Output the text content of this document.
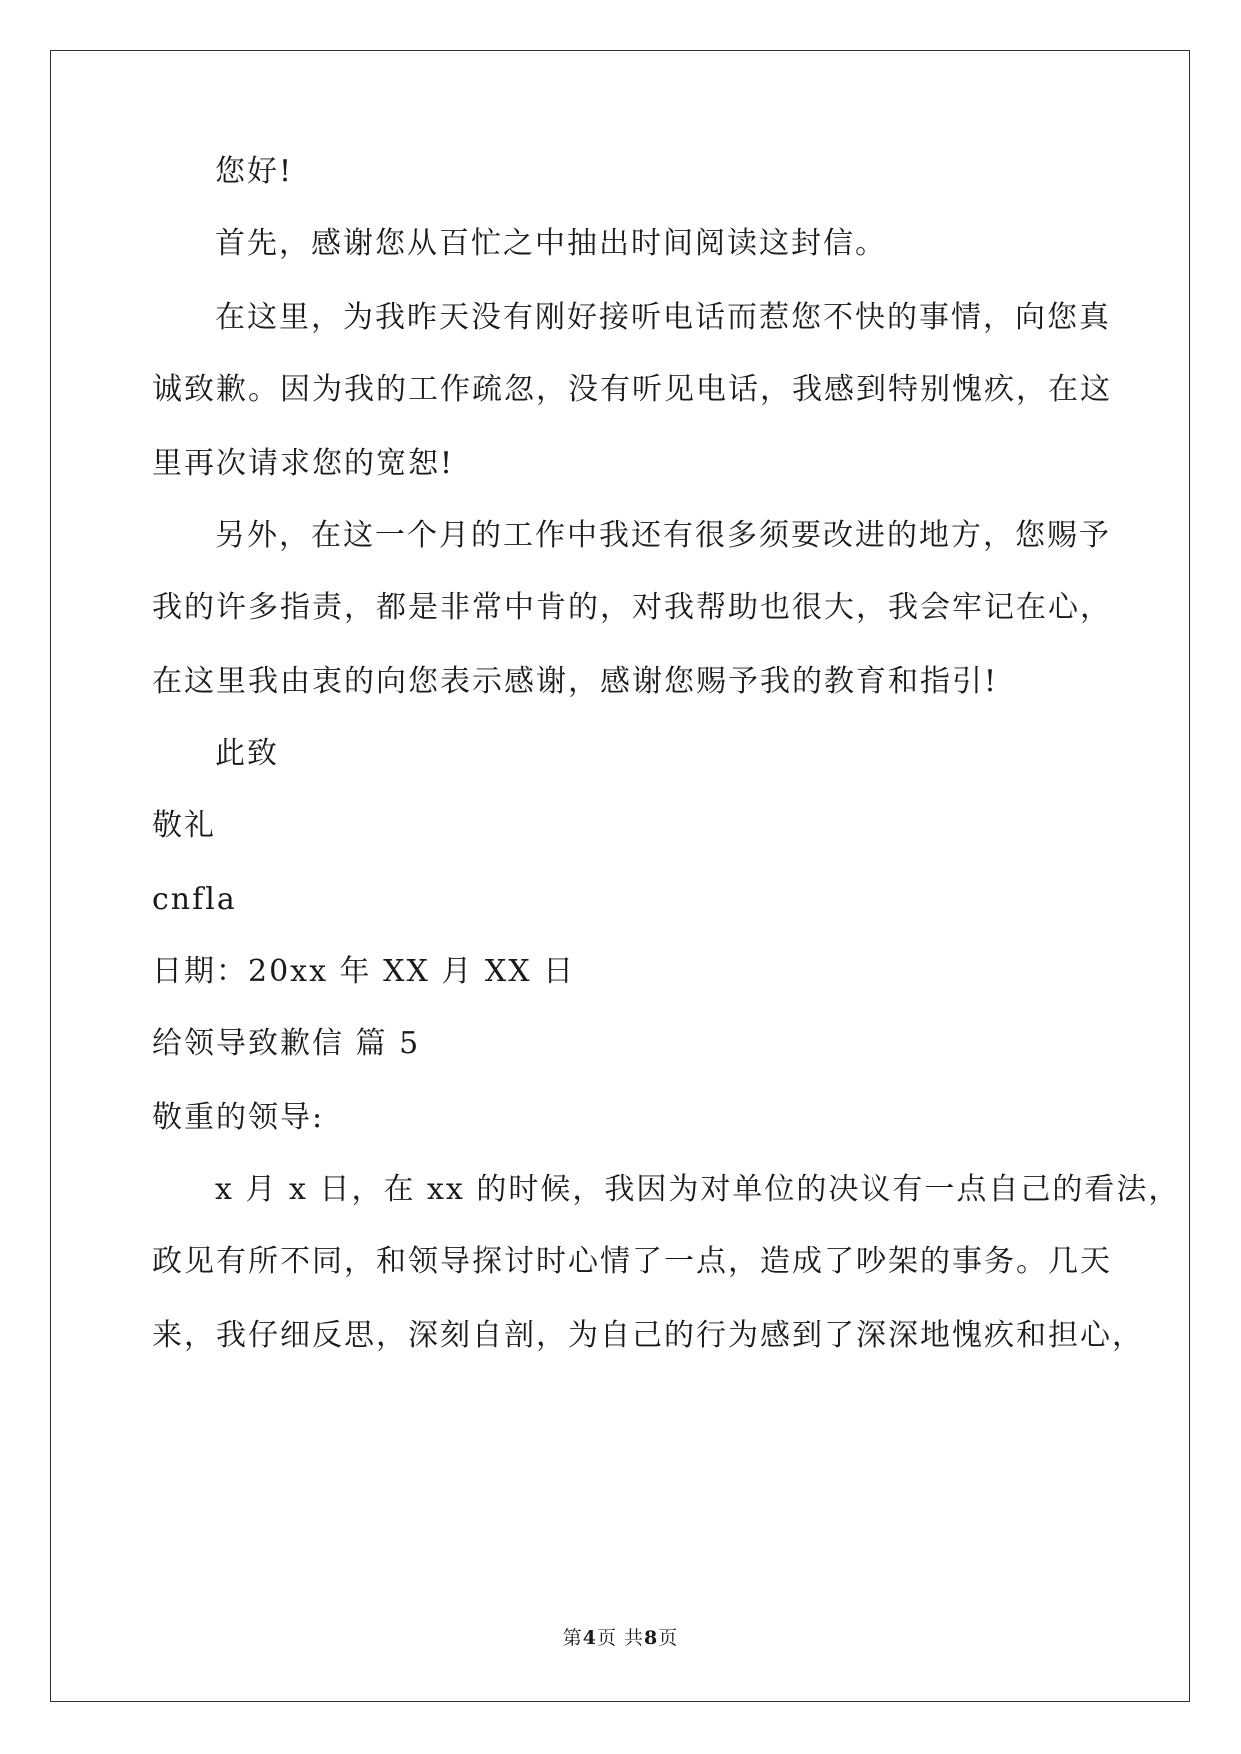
您好!
首先，感谢您从百忙之中抽出时间阅读这封信。
在这里，为我昨天没有刚好接听电话而惹您不快的事情，向您真
诚致歉。因为我的工作疏忽，没有听见电话，我感到特别愧疚，在这
里再次请求您的宽恕!
另外，在这一个月的工作中我还有很多须要改进的地方，您赐予
我的许多指责，都是非常中肯的，对我帮助也很大，我会牢记在心，
在这里我由衷的向您表示感谢，感谢您赐予我的教育和指引!
此致
敬礼
cnfla
日期：20xx 年 XX 月 XX 日
给领导致歉信 篇 5
敬重的领导:
x 月 x 日，在 xx 的时候，我因为对单位的决议有一点自己的看法，
政见有所不同，和领导探讨时心情了一点，造成了吵架的事务。几天
来，我仔细反思，深刻自剖，为自己的行为感到了深深地愧疚和担心，
第4页 共8页
